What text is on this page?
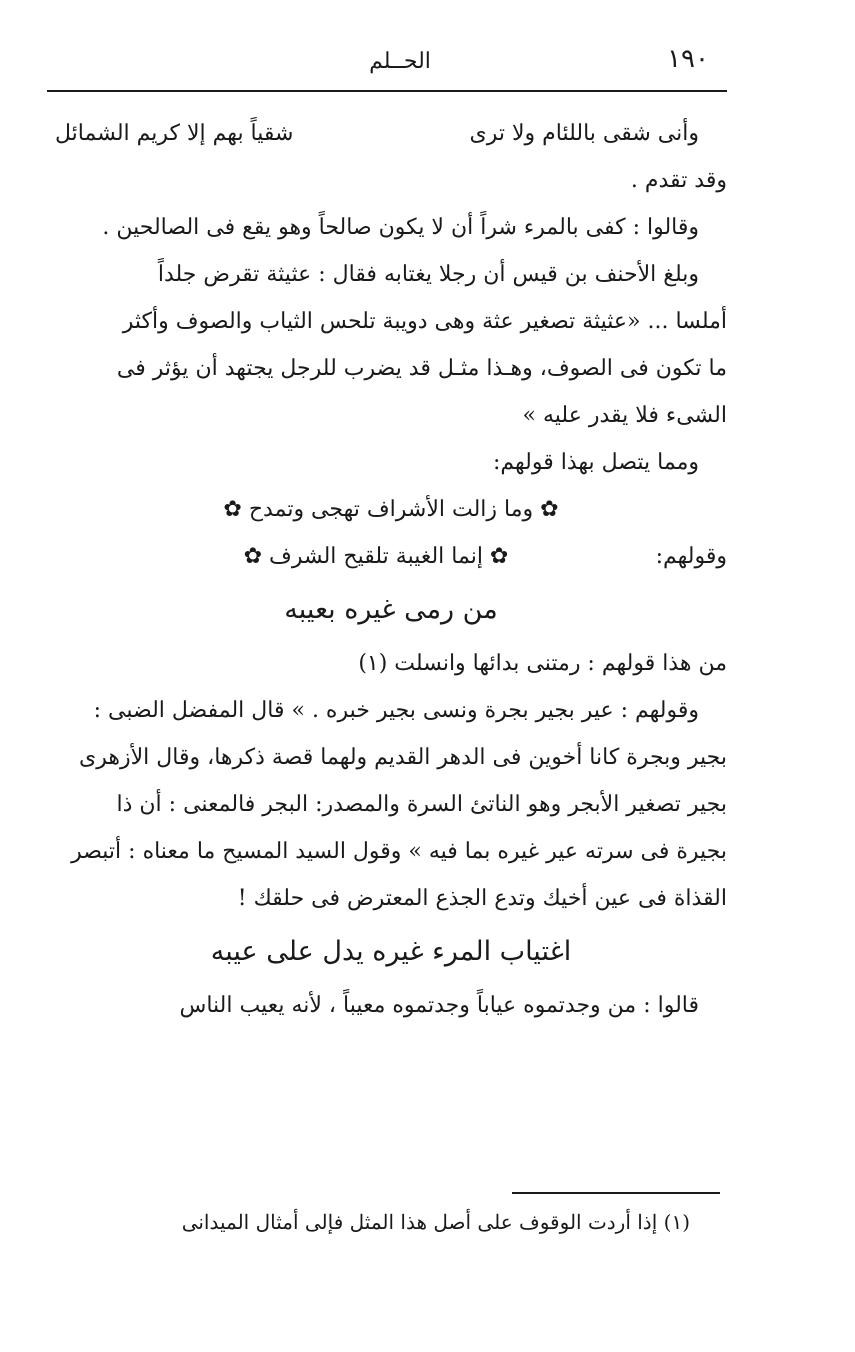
١٩٠
الحــلم
وأنى شقى باللئام ولا ترى
شقياً بهم إلا كريم الشمائل
وقد تقدم .
وقالوا : كفى بالمرء شراً أن لا يكون صالحاً وهو يقع فى الصالحين .
وبلغ الأحنف بن قيس أن رجلا يغتابه فقال : عثيثة تقرض جلداً
أملسا ... «عثيثة تصغير عثة وهى دويبة تلحس الثياب والصوف وأكثر
ما تكون فى الصوف، وهـذا مثـل قد يضرب للرجل يجتهد أن يؤثر فى
الشىء فلا يقدر عليه »
ومما يتصل بهذا قولهم:
✿ وما زالت الأشراف تهجى وتمدح ✿
وقولهم:
✿ إنما الغيبة تلقيح الشرف ✿
من رمى غيره بعيبه
من هذا قولهم : رمتنى بدائها وانسلت (١)
وقولهم : عير بجير بجرة ونسى بجير خبره . » قال المفضل الضبى :
بجير وبجرة كانا أخوين فى الدهر القديم ولهما قصة ذكرها، وقال الأزهرى
بجير تصغير الأبجر وهو الناتئ السرة والمصدر: البجر فالمعنى : أن ذا
بجيرة فى سرته عير غيره بما فيه » وقول السيد المسيح ما معناه : أتبصر
القذاة فى عين أخيك وتدع الجذع المعترض فى حلقك !
اغتياب المرء غيره يدل على عيبه
قالوا : من وجدتموه عياباً وجدتموه معيباً ، لأنه يعيب الناس
(١) إذا أردت الوقوف على أصل هذا المثل فإلى أمثال الميدانى
